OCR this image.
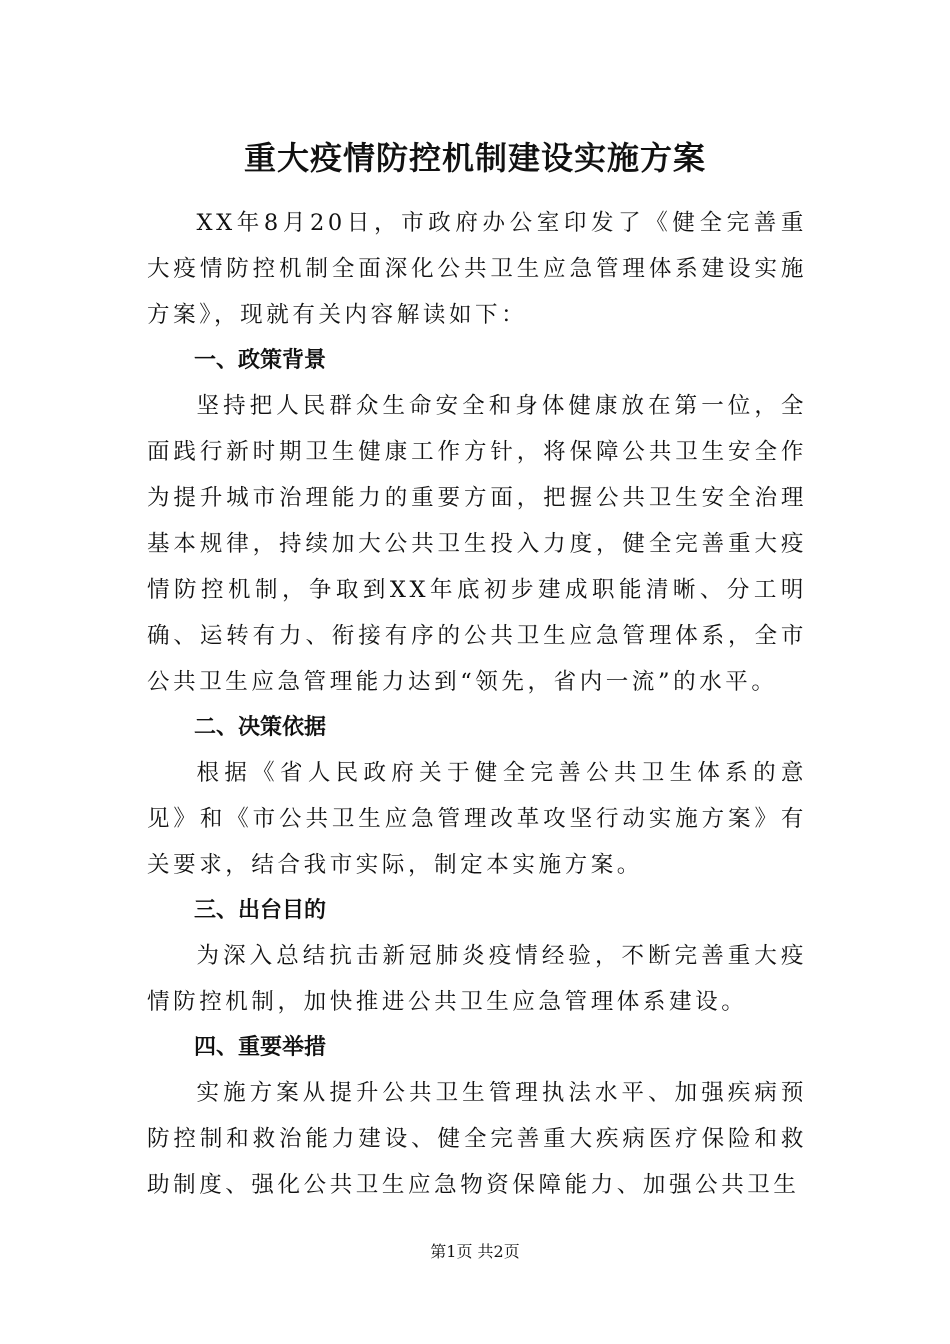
重大疫情防控机制建设实施方案

XX年8月20日，市政府办公室印发了《健全完善重大疫情防控机制全面深化公共卫生应急管理体系建设实施方案》，现就有关内容解读如下：

一、政策背景

坚持把人民群众生命安全和身体健康放在第一位，全面践行新时期卫生健康工作方针，将保障公共卫生安全作为提升城市治理能力的重要方面，把握公共卫生安全治理基本规律，持续加大公共卫生投入力度，健全完善重大疫情防控机制，争取到XX年底初步建成职能清晰、分工明确、运转有力、衔接有序的公共卫生应急管理体系，全市公共卫生应急管理能力达到“领先，省内一流”的水平。

二、决策依据

根据《省人民政府关于健全完善公共卫生体系的意见》和《市公共卫生应急管理改革攻坚行动实施方案》有关要求，结合我市实际，制定本实施方案。

三、出台目的

为深入总结抗击新冠肺炎疫情经验，不断完善重大疫情防控机制，加快推进公共卫生应急管理体系建设。

四、重要举措

实施方案从提升公共卫生管理执法水平、加强疾病预防控制和救治能力建设、健全完善重大疾病医疗保险和救助制度、强化公共卫生应急物资保障能力、加强公共卫生

第1页 共2页
